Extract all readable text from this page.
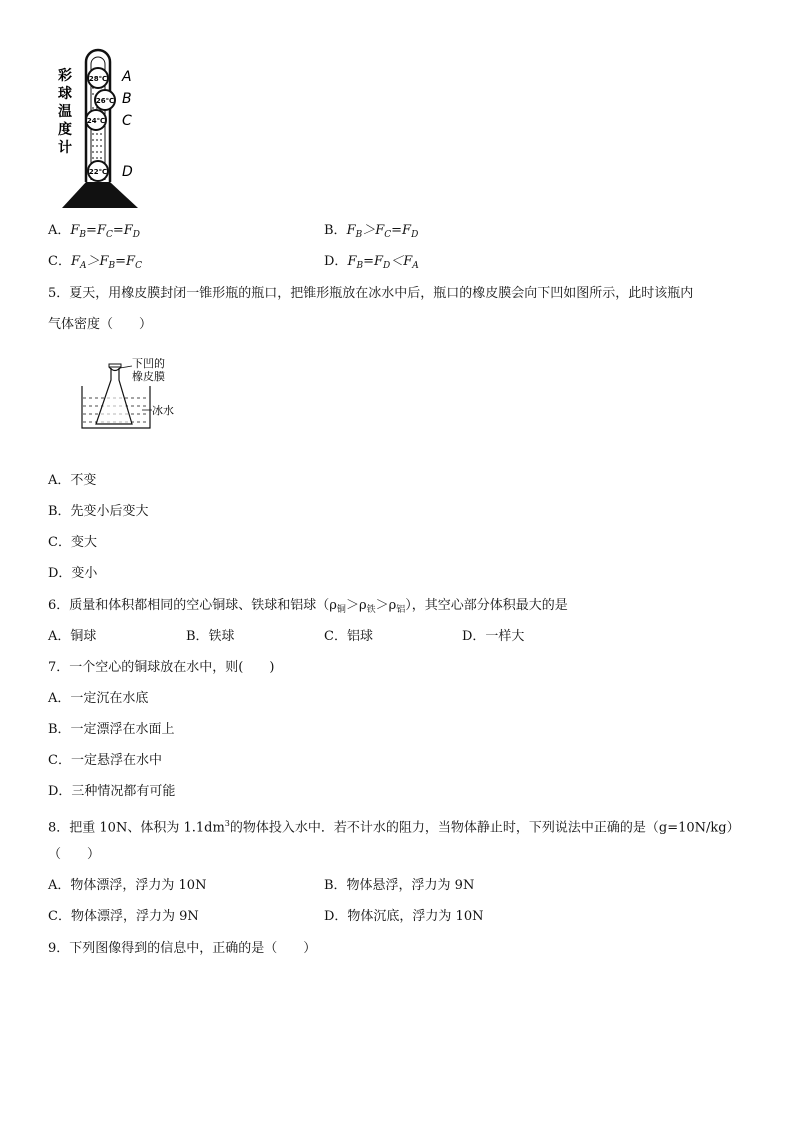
彩
球
温
度
计
28℃
26℃
24℃
22℃
A
B
C
D
A．$F_B=F_C=F_D$	B．$F_B>F_C=F_D$
C．$F_A>F_B=F_C$	D．$F_B=F_D<F_A$
5．夏天，用橡皮膜封闭一锥形瓶的瓶口，把锥形瓶放在冰水中后，瓶口的橡皮膜会向下凹如图所示，此时该瓶内
气体密度（　　）
下凹的
橡皮膜
冰水
A．不变
B．先变小后变大
C．变大
D．变小
6．质量和体积都相同的空心铜球、铁球和铝球$(\rho_铜>\rho_铁>\rho_铝)$，其空心部分体积最大的是
A．铜球	B．铁球	C．铝球	D．一样大
7．一个空心的铜球放在水中，则(　　)
A．一定沉在水底
B．一定漂浮在水面上
C．一定悬浮在水中
D．三种情况都有可能
8．把重 10N、体积为 $1.1dm^3$的物体投入水中．若不计水的阻力，当物体静止时，下列说法中正确的是（g=10N/kg）
（　　）
A．物体漂浮，浮力为 10N	B．物体悬浮，浮力为 9N
C．物体漂浮，浮力为 9N	D．物体沉底，浮力为 10N
9．下列图像得到的信息中，正确的是（　　）
